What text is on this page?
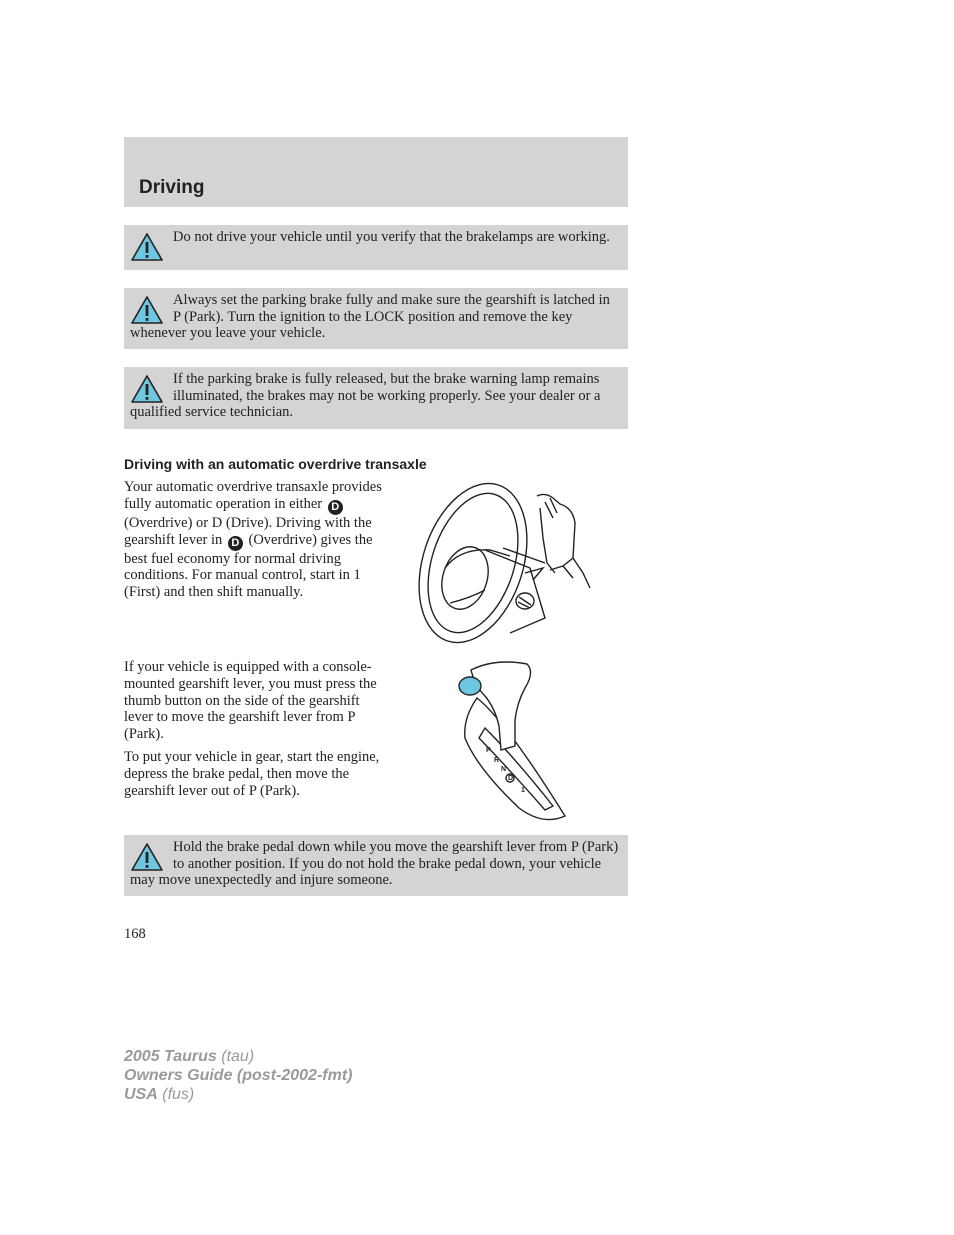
Driving
Do not drive your vehicle until you verify that the brakelamps are working.
Always set the parking brake fully and make sure the gearshift is latched in P (Park). Turn the ignition to the LOCK position and remove the key whenever you leave your vehicle.
If the parking brake is fully released, but the brake warning lamp remains illuminated, the brakes may not be working properly. See your dealer or a qualified service technician.
Driving with an automatic overdrive transaxle

Your automatic overdrive transaxle provides fully automatic operation in either D (Overdrive) or D (Drive). Driving with the gearshift lever in D (Overdrive) gives the best fuel economy for normal driving conditions. For manual control, start in 1 (First) and then shift manually.

If your vehicle is equipped with a console-mounted gearshift lever, you must press the thumb button on the side of the gearshift lever to move the gearshift lever from P (Park).

To put your vehicle in gear, start the engine, depress the brake pedal, then move the gearshift lever out of P (Park).

P
R
N
D
1
Hold the brake pedal down while you move the gearshift lever from P (Park) to another position. If you do not hold the brake pedal down, your vehicle may move unexpectedly and injure someone.
168
2005 Taurus (tau)
Owners Guide (post-2002-fmt)
USA (fus)
